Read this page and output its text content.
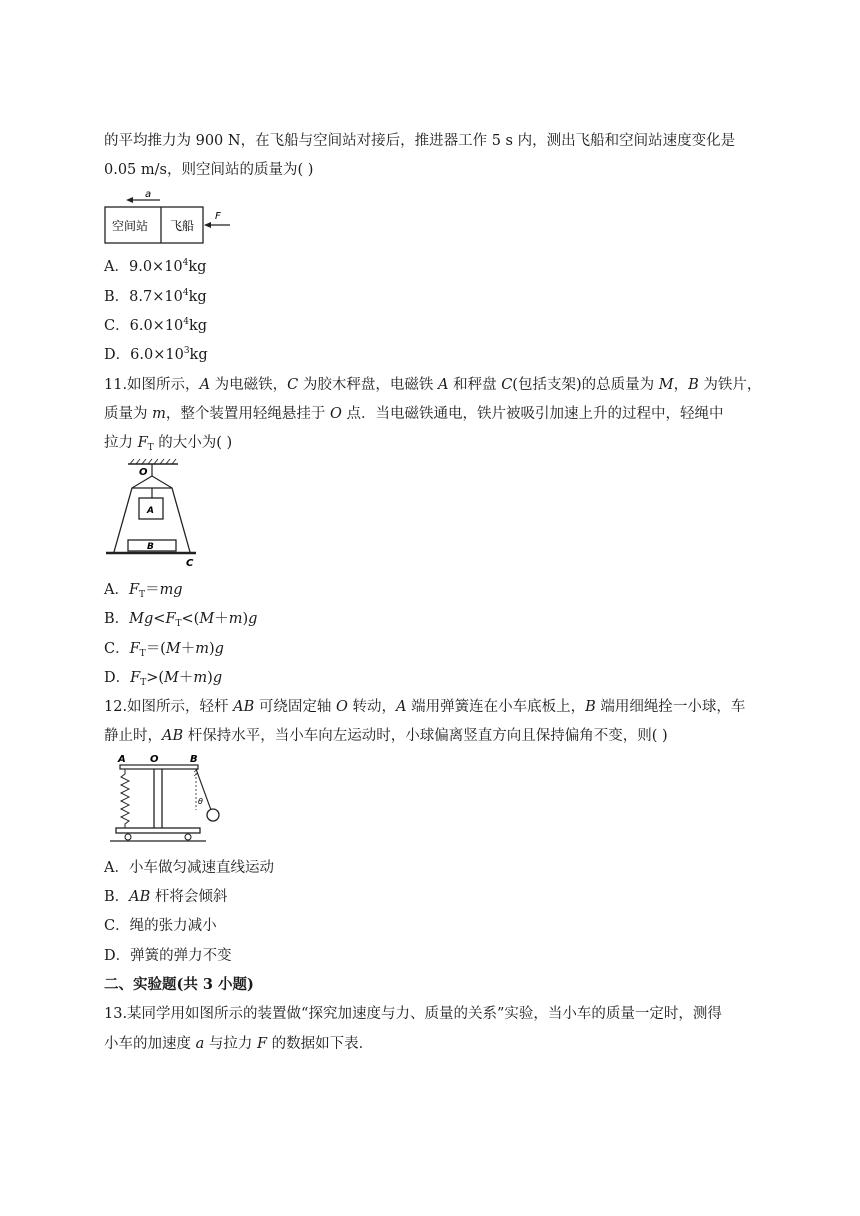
的平均推力为 900 N，在飞船与空间站对接后，推进器工作 5 s 内，测出飞船和空间站速度变化是
0.05 m/s，则空间站的质量为( )
a
空间站 飞船
F
A．$9.0\times 10^4kg$
B．$8.7\times 10^4kg$
C．$6.0\times 10^4kg$
D．$6.0\times 10^3kg$
11.如图所示，A 为电磁铁，C 为胶木秤盘，电磁铁 A 和秤盘 C(包括支架)的总质量为 M，B 为铁片，
质量为 m，整个装置用轻绳悬挂于 O 点．当电磁铁通电，铁片被吸引加速上升的过程中，轻绳中
拉力 $F_T$ 的大小为( )
O
A
B
C
A．$F_T=mg$
B．$Mg<F_T<(M+m)g$
C．$F_T=(M+m)g$
D．$F_T>(M+m)g$
12.如图所示，轻杆 AB 可绕固定轴 O 转动，A 端用弹簧连在小车底板上，B 端用细绳拴一小球，车
静止时，AB 杆保持水平，当小车向左运动时，小球偏离竖直方向且保持偏角不变，则( )
A O	B
θ
A．小车做匀减速直线运动
B．AB 杆将会倾斜
C．绳的张力减小
D．弹簧的弹力不变
二、实验题(共 3 小题)
13.某同学用如图所示的装置做“探究加速度与力、质量的关系”实验，当小车的质量一定时，测得
小车的加速度 a 与拉力 F 的数据如下表．
